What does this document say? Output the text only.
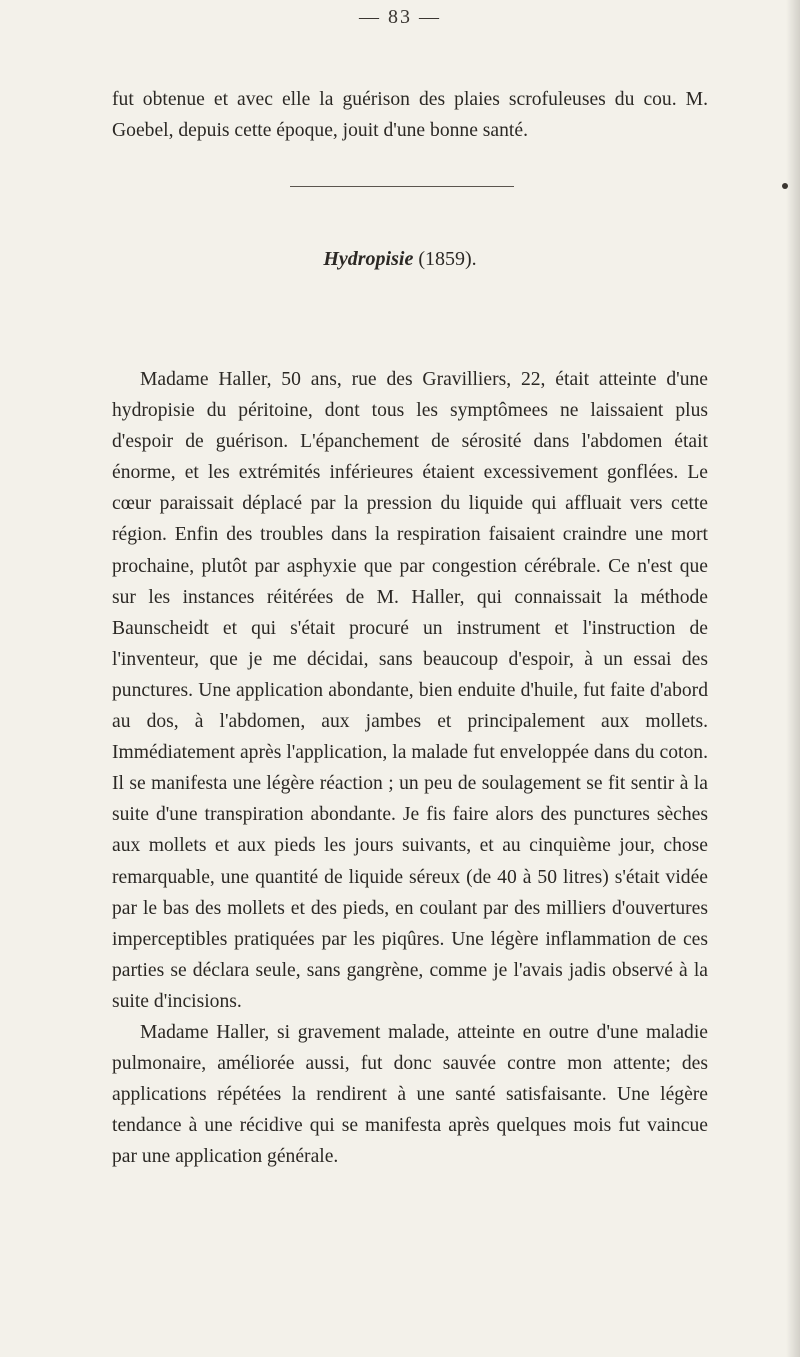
— 83 —

fut obtenue et avec elle la guérison des plaies scrofuleuses du cou. M. Goebel, depuis cette époque, jouit d'une bonne santé.

Hydropisie (1859).

Madame Haller, 50 ans, rue des Gravilliers, 22, était atteinte d'une hydropisie du péritoine, dont tous les symptômees ne laissaient plus d'espoir de guérison. L'épanchement de sérosité dans l'abdomen était énorme, et les extrémités inférieures étaient excessivement gonflées. Le cœur paraissait déplacé par la pression du liquide qui affluait vers cette région. Enfin des troubles dans la respiration faisaient craindre une mort prochaine, plutôt par asphyxie que par congestion cérébrale. Ce n'est que sur les instances réitérées de M. Haller, qui connaissait la méthode Baunscheidt et qui s'était procuré un instrument et l'instruction de l'inventeur, que je me décidai, sans beaucoup d'espoir, à un essai des punctures. Une application abondante, bien enduite d'huile, fut faite d'abord au dos, à l'abdomen, aux jambes et principalement aux mollets. Immédiatement après l'application, la malade fut enveloppée dans du coton. Il se manifesta une légère réaction ; un peu de soulagement se fit sentir à la suite d'une transpiration abondante. Je fis faire alors des punctures sèches aux mollets et aux pieds les jours suivants, et au cinquième jour, chose remarquable, une quantité de liquide séreux (de 40 à 50 litres) s'était vidée par le bas des mollets et des pieds, en coulant par des milliers d'ouvertures imperceptibles pratiquées par les piqûres. Une légère inflammation de ces parties se déclara seule, sans gangrène, comme je l'avais jadis observé à la suite d'incisions.

Madame Haller, si gravement malade, atteinte en outre d'une maladie pulmonaire, améliorée aussi, fut donc sauvée contre mon attente; des applications répétées la rendirent à une santé satisfaisante. Une légère tendance à une récidive qui se manifesta après quelques mois fut vaincue par une application générale.
